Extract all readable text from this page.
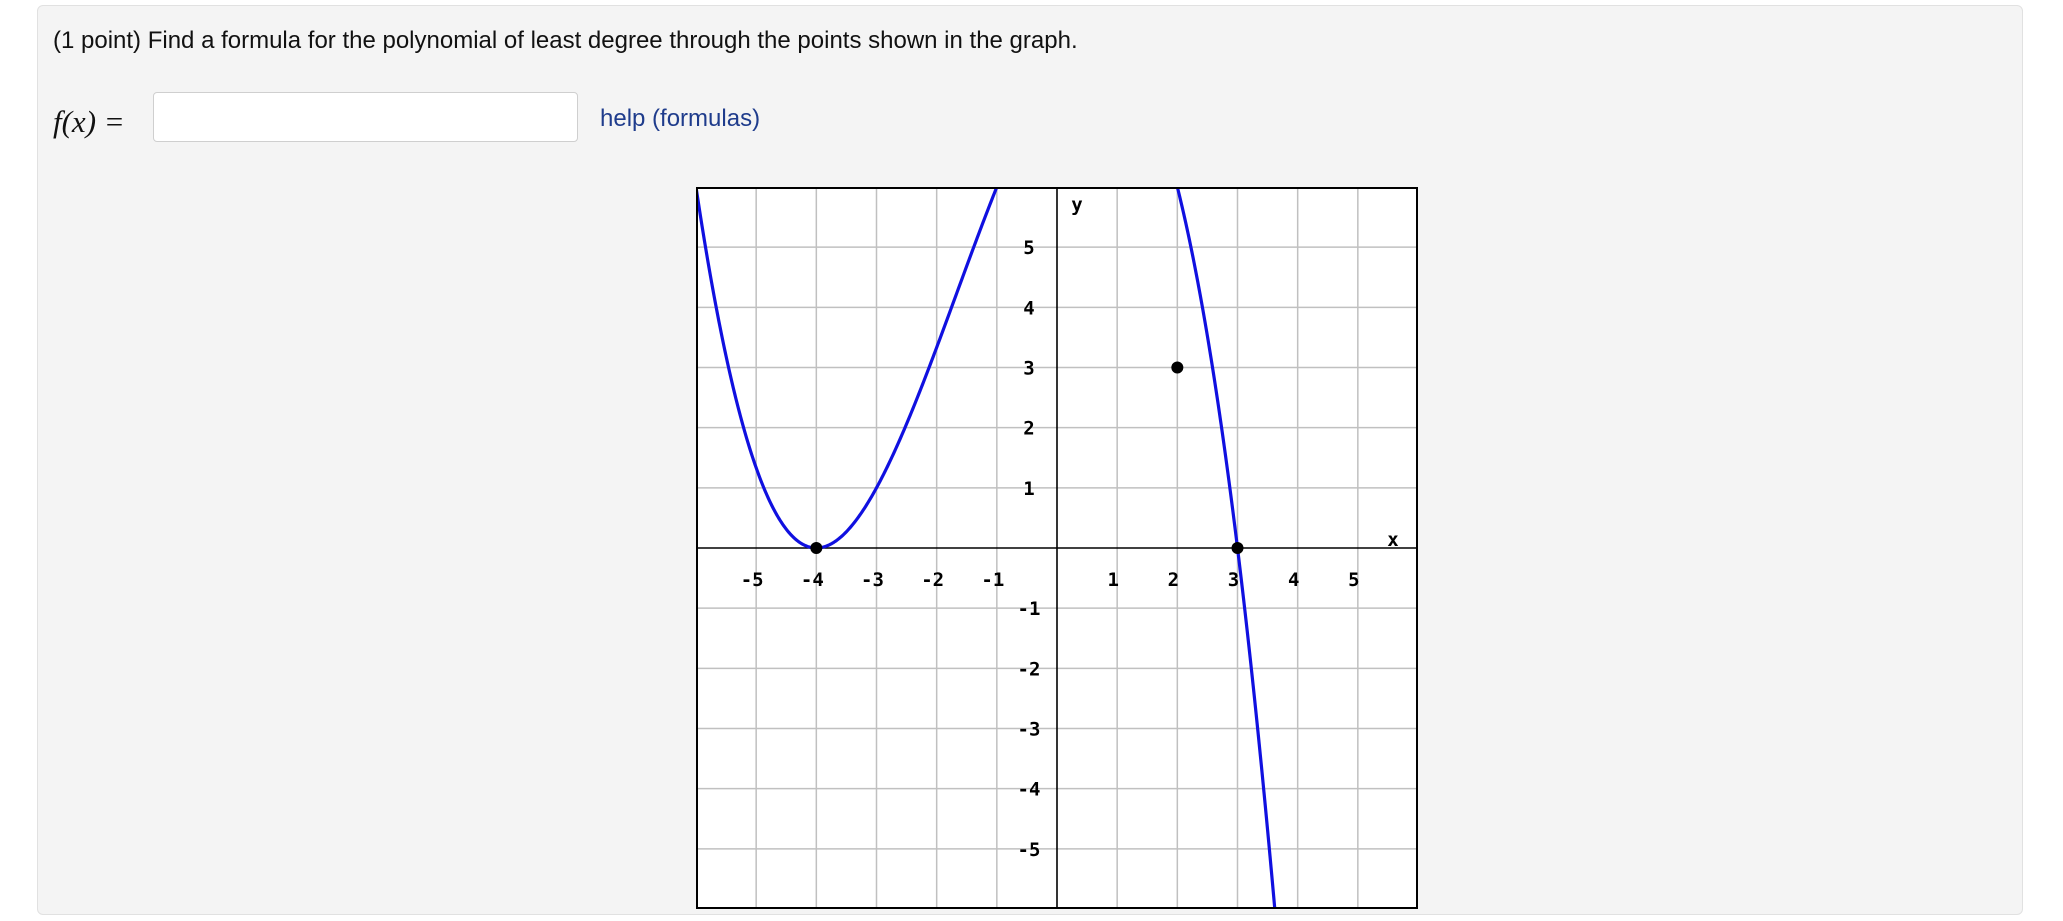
(1 point) Find a formula for the polynomial of least degree through the points shown in the graph.
f(x) =	help (formulas)
-5 -4 -3 -2 -1	1	2	3	4	5
5
4
3
2
1
-1
-2
-3
-4
-5
x
y
